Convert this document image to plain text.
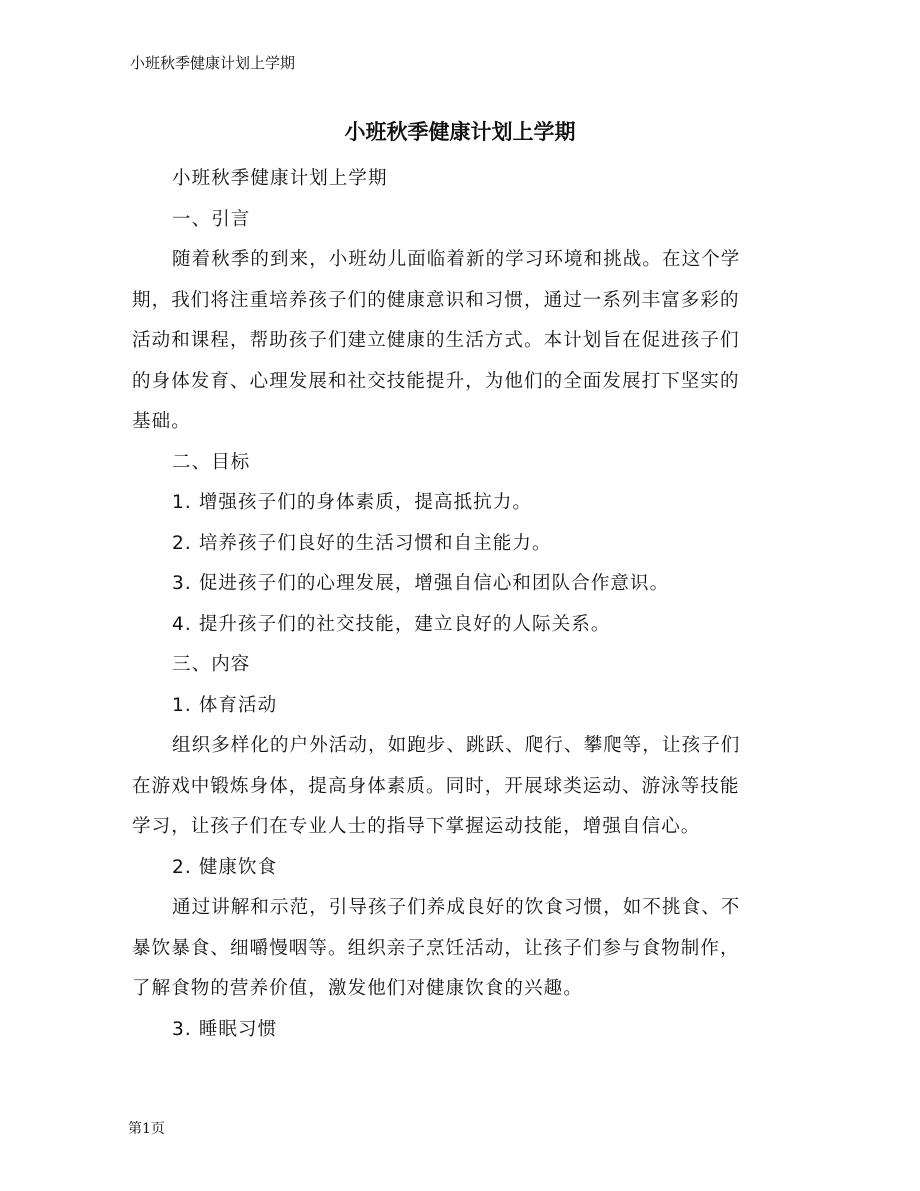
小班秋季健康计划上学期
小班秋季健康计划上学期
小班秋季健康计划上学期
一、引言
随着秋季的到来，小班幼儿面临着新的学习环境和挑战。在这个学
期，我们将注重培养孩子们的健康意识和习惯，通过一系列丰富多彩的
活动和课程，帮助孩子们建立健康的生活方式。本计划旨在促进孩子们
的身体发育、心理发展和社交技能提升，为他们的全面发展打下坚实的
基础。
二、目标
1. 增强孩子们的身体素质，提高抵抗力。
2. 培养孩子们良好的生活习惯和自主能力。
3. 促进孩子们的心理发展，增强自信心和团队合作意识。
4. 提升孩子们的社交技能，建立良好的人际关系。
三、内容
1. 体育活动
组织多样化的户外活动，如跑步、跳跃、爬行、攀爬等，让孩子们
在游戏中锻炼身体，提高身体素质。同时，开展球类运动、游泳等技能
学习，让孩子们在专业人士的指导下掌握运动技能，增强自信心。
2. 健康饮食
通过讲解和示范，引导孩子们养成良好的饮食习惯，如不挑食、不
暴饮暴食、细嚼慢咽等。组织亲子烹饪活动，让孩子们参与食物制作，
了解食物的营养价值，激发他们对健康饮食的兴趣。
3. 睡眠习惯
第1页
